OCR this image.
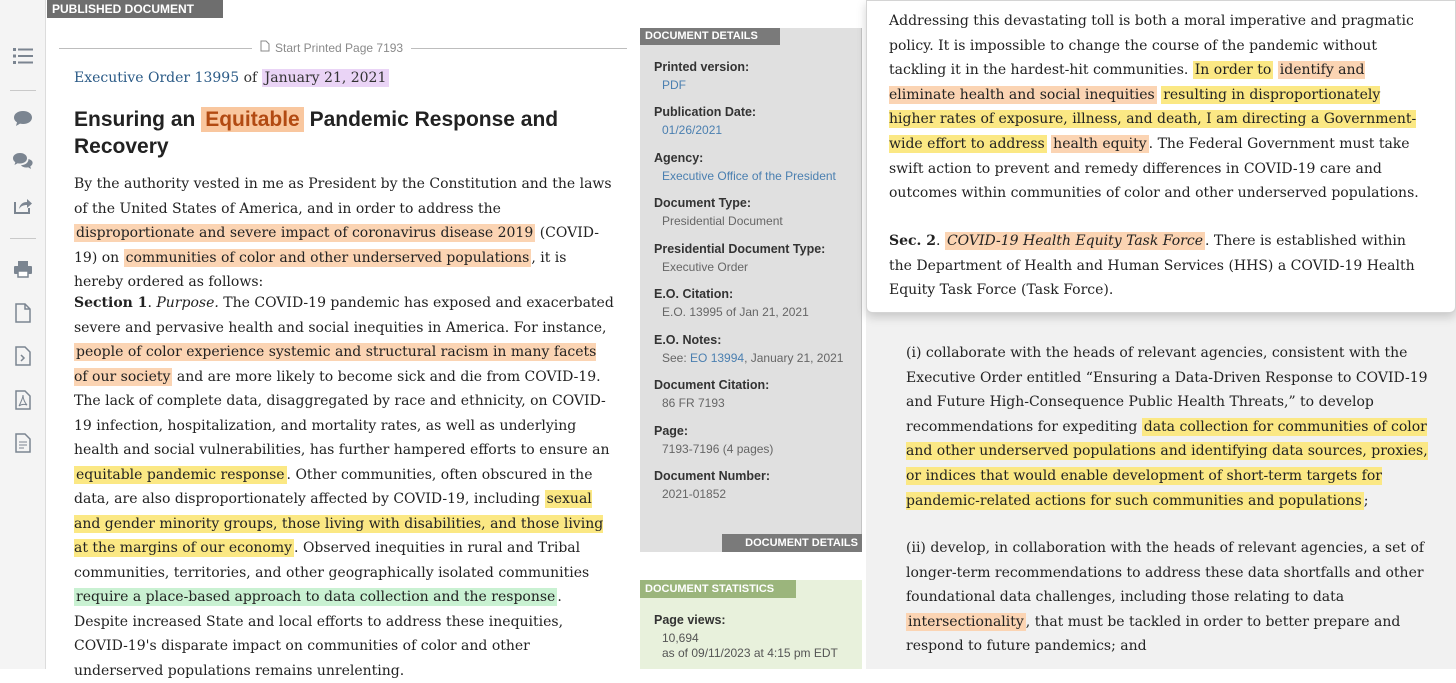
PUBLISHED DOCUMENT
Start Printed Page 7193
Executive Order 13995 of January 21, 2021
Ensuring an Equitable Pandemic Response and Recovery
By the authority vested in me as President by the Constitution and the laws of the United States of America, and in order to address the disproportionate and severe impact of coronavirus disease 2019 (COVID-19) on communities of color and other underserved populations , it is hereby ordered as follows:
Section 1. Purpose. The COVID-19 pandemic has exposed and exacerbated severe and pervasive health and social inequities in America. For instance, people of color experience systemic and structural racism in many facets of our society and are more likely to become sick and die from COVID-19. The lack of complete data, disaggregated by race and ethnicity, on COVID-19 infection, hospitalization, and mortality rates, as well as underlying health and social vulnerabilities, has further hampered efforts to ensure an equitable pandemic response . Other communities, often obscured in the data, are also disproportionately affected by COVID-19, including sexual and gender minority groups, those living with disabilities, and those living at the margins of our economy . Observed inequities in rural and Tribal communities, territories, and other geographically isolated communities require a place-based approach to data collection and the response . Despite increased State and local efforts to address these inequities, COVID-19's disparate impact on communities of color and other underserved populations remains unrelenting.
DOCUMENT DETAILS
Printed version:
PDF
Publication Date:
01/26/2021
Agency:
Executive Office of the President
Document Type:
Presidential Document
Presidential Document Type:
Executive Order
E.O. Citation:
E.O. 13995 of Jan 21, 2021
E.O. Notes:
See: EO 13994, January 21, 2021
Document Citation:
86 FR 7193
Page:
7193-7196 (4 pages)
Document Number:
2021-01852
DOCUMENT DETAILS
DOCUMENT STATISTICS
Page views:
10,694
as of 09/11/2023 at 4:15 pm EDT
(i) collaborate with the heads of relevant agencies, consistent with the Executive Order entitled “Ensuring a Data-Driven Response to COVID-19 and Future High-Consequence Public Health Threats,” to develop recommendations for expediting data collection for communities of color and other underserved populations and identifying data sources, proxies, or indices that would enable development of short-term targets for pandemic-related actions for such communities and populations ;
(ii) develop, in collaboration with the heads of relevant agencies, a set of longer-term recommendations to address these data shortfalls and other foundational data challenges, including those relating to data intersectionality , that must be tackled in order to better prepare and respond to future pandemics; and
Addressing this devastating toll is both a moral imperative and pragmatic policy. It is impossible to change the course of the pandemic without tackling it in the hardest-hit communities. In order to identify and eliminate health and social inequities resulting in disproportionately higher rates of exposure, illness, and death, I am directing a Government-wide effort to address health equity . The Federal Government must take swift action to prevent and remedy differences in COVID-19 care and outcomes within communities of color and other underserved populations.
Sec. 2. COVID-19 Health Equity Task Force . There is established within the Department of Health and Human Services (HHS) a COVID-19 Health Equity Task Force (Task Force).
